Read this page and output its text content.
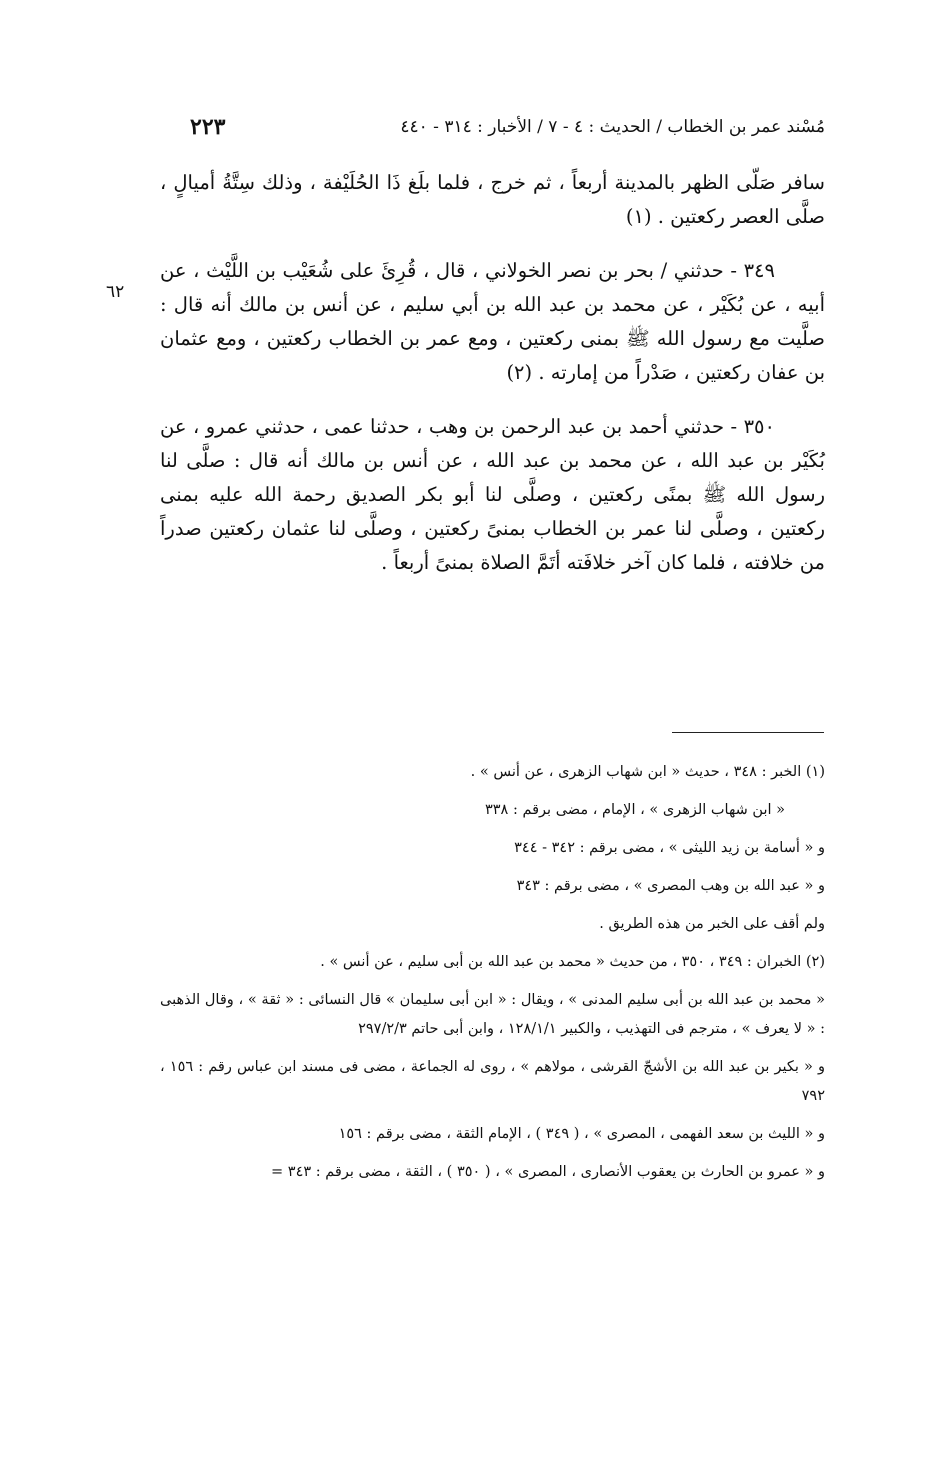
مُسْند عمر بن الخطاب / الحديث : ٤ - ٧ / الأخبار : ٣١٤ - ٤٤٠
٢٢٣
٦٢

سافر صَلّى الظهر بالمدينة أربعاً ، ثم خرج ، فلما بلَغ ذَا الحُلَيْفة ، وذلك سِتَّةُ أميالٍ ، صلَّى العصر ركعتين . (١)

٣٤٩ - حدثني / بحر بن نصر الخولاني ، قال ، قُرِئَ على شُعَيْب بن اللَّيْث ، عن أبيه ، عن بُكَيْر ، عن محمد بن عبد الله بن أبي سليم ، عن أنس بن مالك أنه قال : صلَّيت مع رسول الله ﷺ بمنى ركعتين ، ومع عمر بن الخطاب ركعتين ، ومع عثمان بن عفان ركعتين ، صَدْراً من إمارته . (٢)

٣٥٠ - حدثني أحمد بن عبد الرحمن بن وهب ، حدثنا عمى ، حدثني عمرو ، عن بُكَيْر بن عبد الله ، عن محمد بن عبد الله ، عن أنس بن مالك أنه قال : صلَّى لنا رسول الله ﷺ بمنًى ركعتين ، وصلَّى لنا أبو بكر الصديق رحمة الله عليه بمنى ركعتين ، وصلَّى لنا عمر بن الخطاب بمنىً ركعتين ، وصلَّى لنا عثمان ركعتين صدراً من خلافته ، فلما كان آخر خلافَته أتَمَّ الصلاة بمنىً أربعاً .

(١) الخبر : ٣٤٨ ، حديث « ابن شهاب الزهرى ، عن أنس » .
« ابن شهاب الزهرى » ، الإمام ، مضى برقم : ٣٣٨
و « أسامة بن زيد الليثى » ، مضى برقم : ٣٤٢ - ٣٤٤
و « عبد الله بن وهب المصرى » ، مضى برقم : ٣٤٣
ولم أقف على الخبر من هذه الطريق .
(٢) الخبران : ٣٤٩ ، ٣٥٠ ، من حديث « محمد بن عبد الله بن أبى سليم ، عن أنس » .
« محمد بن عبد الله بن أبى سليم المدنى » ، ويقال : « ابن أبى سليمان » قال النسائى : « ثقة » ، وقال الذهبى : « لا يعرف » ، مترجم فى التهذيب ، والكبير ١٢٨/١/١ ، وابن أبى حاتم ٢٩٧/٢/٣
و « بكير بن عبد الله بن الأشجّ القرشى ، مولاهم » ، روى له الجماعة ، مضى فى مسند ابن عباس رقم : ١٥٦ ، ٧٩٢
و « الليث بن سعد الفهمى ، المصرى » ، ( ٣٤٩ ) ، الإمام الثقة ، مضى برقم : ١٥٦
و « عمرو بن الحارث بن يعقوب الأنصارى ، المصرى » ، ( ٣٥٠ ) ، الثقة ، مضى برقم : ٣٤٣ =
